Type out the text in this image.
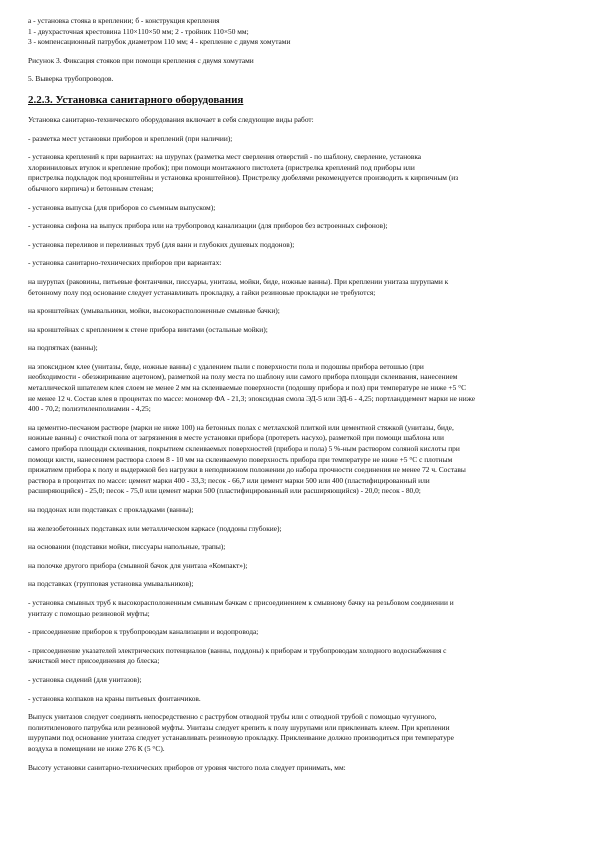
а - установка стояка в креплении; б - конструкция крепления

1 - двухрасточная крестовина 110×110×50 мм; 2 - тройник 110×50 мм;

3 - компенсационный патрубок диаметром 110 мм; 4 - крепление с двумя хомутами

Рисунок 3. Фиксация стояков при помощи крепления с двумя хомутами

5. Выверка трубопроводов.

2.2.3. Установка санитарного оборудования

Установка санитарно-технического оборудования включает в себя следующие виды работ:

- разметка мест установки приборов и креплений (при наличии);

- установка креплений к при вариантах: на шурупах (разметка мест сверления отверстий - по шаблону, сверление, установка

хлорвиниловых втулок и крепление пробок); при помощи монтажного пистолета (пристрелка креплений под приборы или

пристрелка подкладок под кронштейны и установка кронштейнов). Пристрелку дюбелями рекомендуется производить к кирпичным (из

обычного кирпича) и бетонным стенам;

- установка выпуска (для приборов со съемным выпуском);

- установка сифона на выпуск прибора или на трубопровод канализации (для приборов без встроенных сифонов);

- установка переливов и переливных труб (для ванн и глубоких душевых поддонов);

- установка санитарно-технических приборов при вариантах:

на шурупах (раковины, питьевые фонтанчики, писсуары, унитазы, мойки, биде, ножные ванны). При креплении унитаза шурупами к

бетонному полу под основание следует устанавливать прокладку, а гайки резиновые прокладки не требуются;

на кронштейнах (умывальники, мойки, высокорасположенные смывные бачки);

на кронштейнах с креплением к стене прибора винтами (остальные мойки);

на подпятках (ванны);

на эпоксидном клее (унитазы, биде, ножные ванны) с удалением пыли с поверхности пола и подошвы прибора ветошью (при

необходимости - обезжиривание ацетоном), разметкой на полу места по шаблону или самого прибора площади склеивания, нанесением

металлической шпателем клея слоем не менее 2 мм на склеиваемые поверхности (подошву прибора и пол) при температуре не ниже +5 °С

не менее 12 ч. Состав клея в процентах по массе: мономер ФА - 21,3; эпоксидная смола ЭД-5 или ЭД-6 - 4,25; портландцемент марки не ниже

400 - 70,2; полиэтиленполиамин - 4,25;

на цементно-песчаном растворе (марки не ниже 100) на бетонных полах с метлахской плиткой или цементной стяжкой (унитазы, биде,

ножные ванны) с очисткой пола от загрязнения в месте установки прибора (протереть насухо), разметкой при помощи шаблона или

самого прибора площади склеивания, покрытием склеиваемых поверхностей (прибора и пола) 5 %-ным раствором соляной кислоты при

помощи кисти, нанесением раствора слоем 8 - 10 мм на склеиваемую поверхность прибора при температуре не ниже +5 °С с плотным

прижатием прибора к полу и выдержкой без нагрузки в неподвижном положении до набора прочности соединения не менее 72 ч. Составы

раствора в процентах по массе: цемент марки 400 - 33,3; песок - 66,7 или цемент марки 500 или 400 (пластифицированный или

расширяющийся) - 25,0; песок - 75,0 или цемент марки 500 (пластифицированный или расширяющийся) - 20,0; песок - 80,0;

на поддонах или подставках с прокладками (ванны);

на железобетонных подставках или металлическом каркасе (поддоны глубокие);

на основании (подставки мойки, писсуары напольные, трапы);

на полочке другого прибора (смывной бачок для унитаза «Компакт»);

на подставках (групповая установка умывальников);

- установка смывных труб к высокорасположенным смывным бачкам с присоединением к смывному бачку на резьбовом соединении и

унитазу с помощью резиновой муфты;

- присоединение приборов к трубопроводам канализации и водопровода;

- присоединение указателей электрических потенциалов (ванны, поддоны) к приборам и трубопроводам холодного водоснабжения с

зачисткой мест присоединения до блеска;

- установка сидений (для унитазов);

- установка колпаков на краны питьевых фонтанчиков.

Выпуск унитазов следует соединять непосредственно с раструбом отводной трубы или с отводной трубой с помощью чугунного,

полиэтиленового патрубка или резиновой муфты. Унитазы следует крепить к полу шурупами или приклеивать клеем. При креплении

шурупами под основание унитаза следует устанавливать резиновую прокладку. Приклеивание должно производиться при температуре

воздуха в помещении не ниже 276 К (5 °С).

Высоту установки санитарно-технических приборов от уровня чистого пола следует принимать, мм:
